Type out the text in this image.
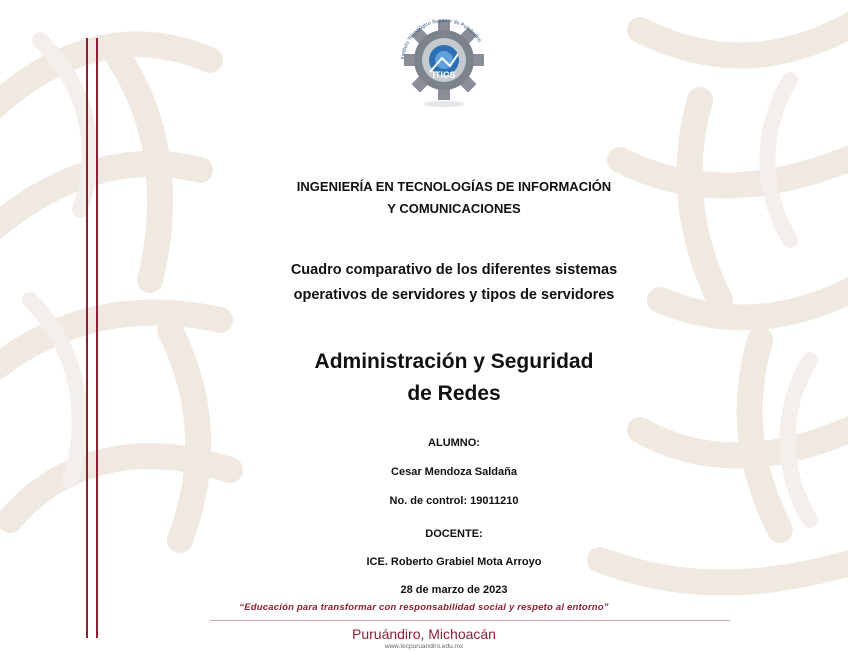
ITICS
Instituto Tecnológico Superior de Puruándiro
INGENIERÍA EN TECNOLOGÍAS DE INFORMACIÓN
Y COMUNICACIONES
Cuadro comparativo de los diferentes sistemas
operativos de servidores y tipos de servidores
Administración y Seguridad
de Redes
ALUMNO:
Cesar Mendoza Saldaña
No. de control: 19011210
DOCENTE:
ICE. Roberto Grabiel Mota Arroyo
28 de marzo de 2023
“Educación para transformar con responsabilidad social y respeto al entorno”
Puruándiro, Michoacán
www.tecpuruandiro.edu.mx
